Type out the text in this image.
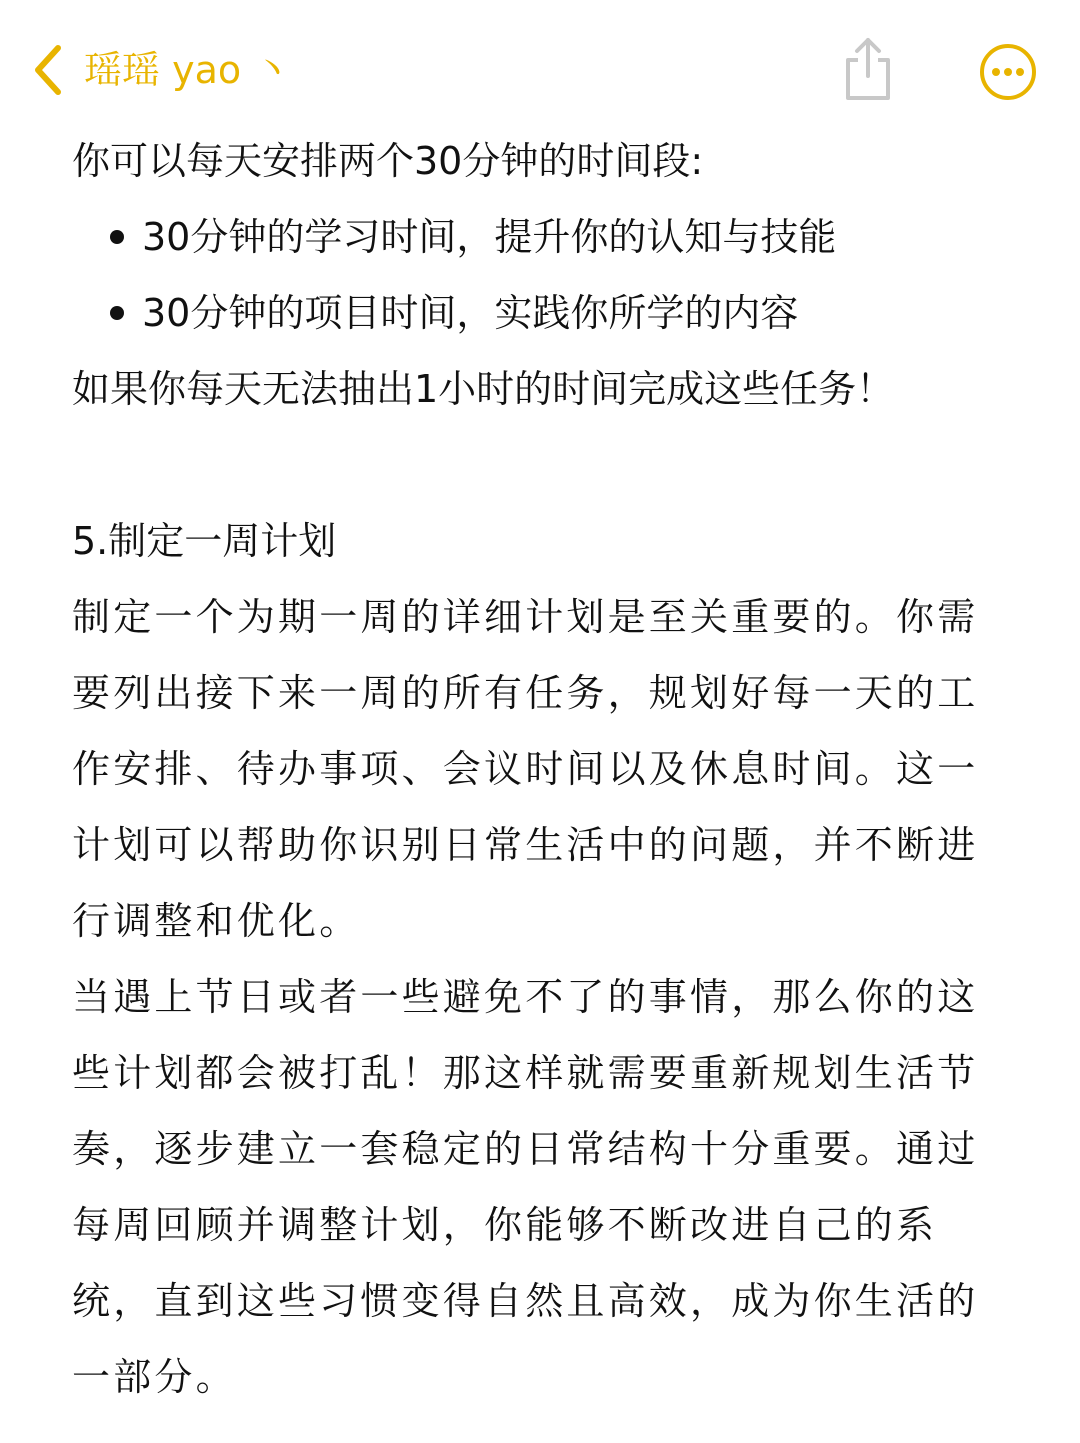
瑶瑶 yao 丶
你可以每天安排两个30分钟的时间段:
30分钟的学习时间，提升你的认知与技能
30分钟的项目时间，实践你所学的内容
如果你每天无法抽出1小时的时间完成这些任务！
5.制定一周计划
制定一个为期一周的详细计划是至关重要的。你需
要列出接下来一周的所有任务，规划好每一天的工
作安排、待办事项、会议时间以及休息时间。这一
计划可以帮助你识别日常生活中的问题，并不断进
行调整和优化。
当遇上节日或者一些避免不了的事情，那么你的这
些计划都会被打乱！那这样就需要重新规划生活节
奏，逐步建立一套稳定的日常结构十分重要。通过
每周回顾并调整计划，你能够不断改进自己的系
统，直到这些习惯变得自然且高效，成为你生活的
一部分。
